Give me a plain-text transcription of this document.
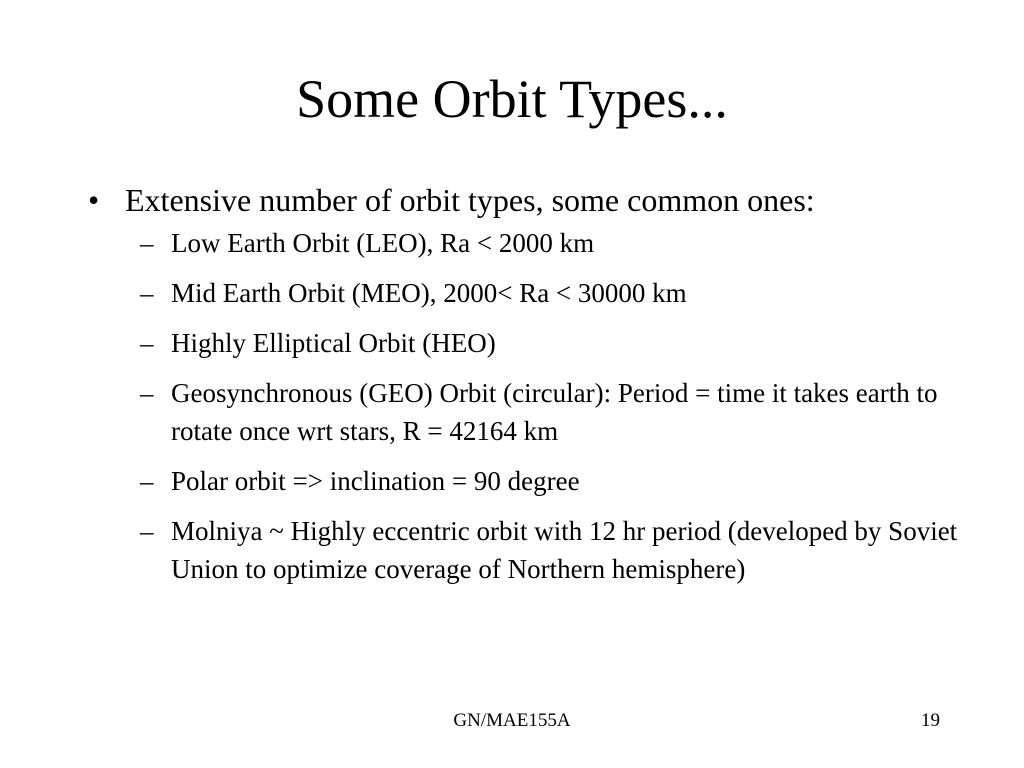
Some Orbit Types...
• Extensive number of orbit types, some common ones:
– Low Earth Orbit (LEO), Ra < 2000 km
– Mid Earth Orbit (MEO), 2000< Ra < 30000 km
– Highly Elliptical Orbit (HEO)
– Geosynchronous (GEO) Orbit (circular): Period = time it takes earth to rotate once wrt stars, R = 42164 km
– Polar orbit => inclination = 90 degree
– Molniya ~ Highly eccentric orbit with 12 hr period (developed by Soviet Union to optimize coverage of Northern hemisphere)
GN/MAE155A	19
